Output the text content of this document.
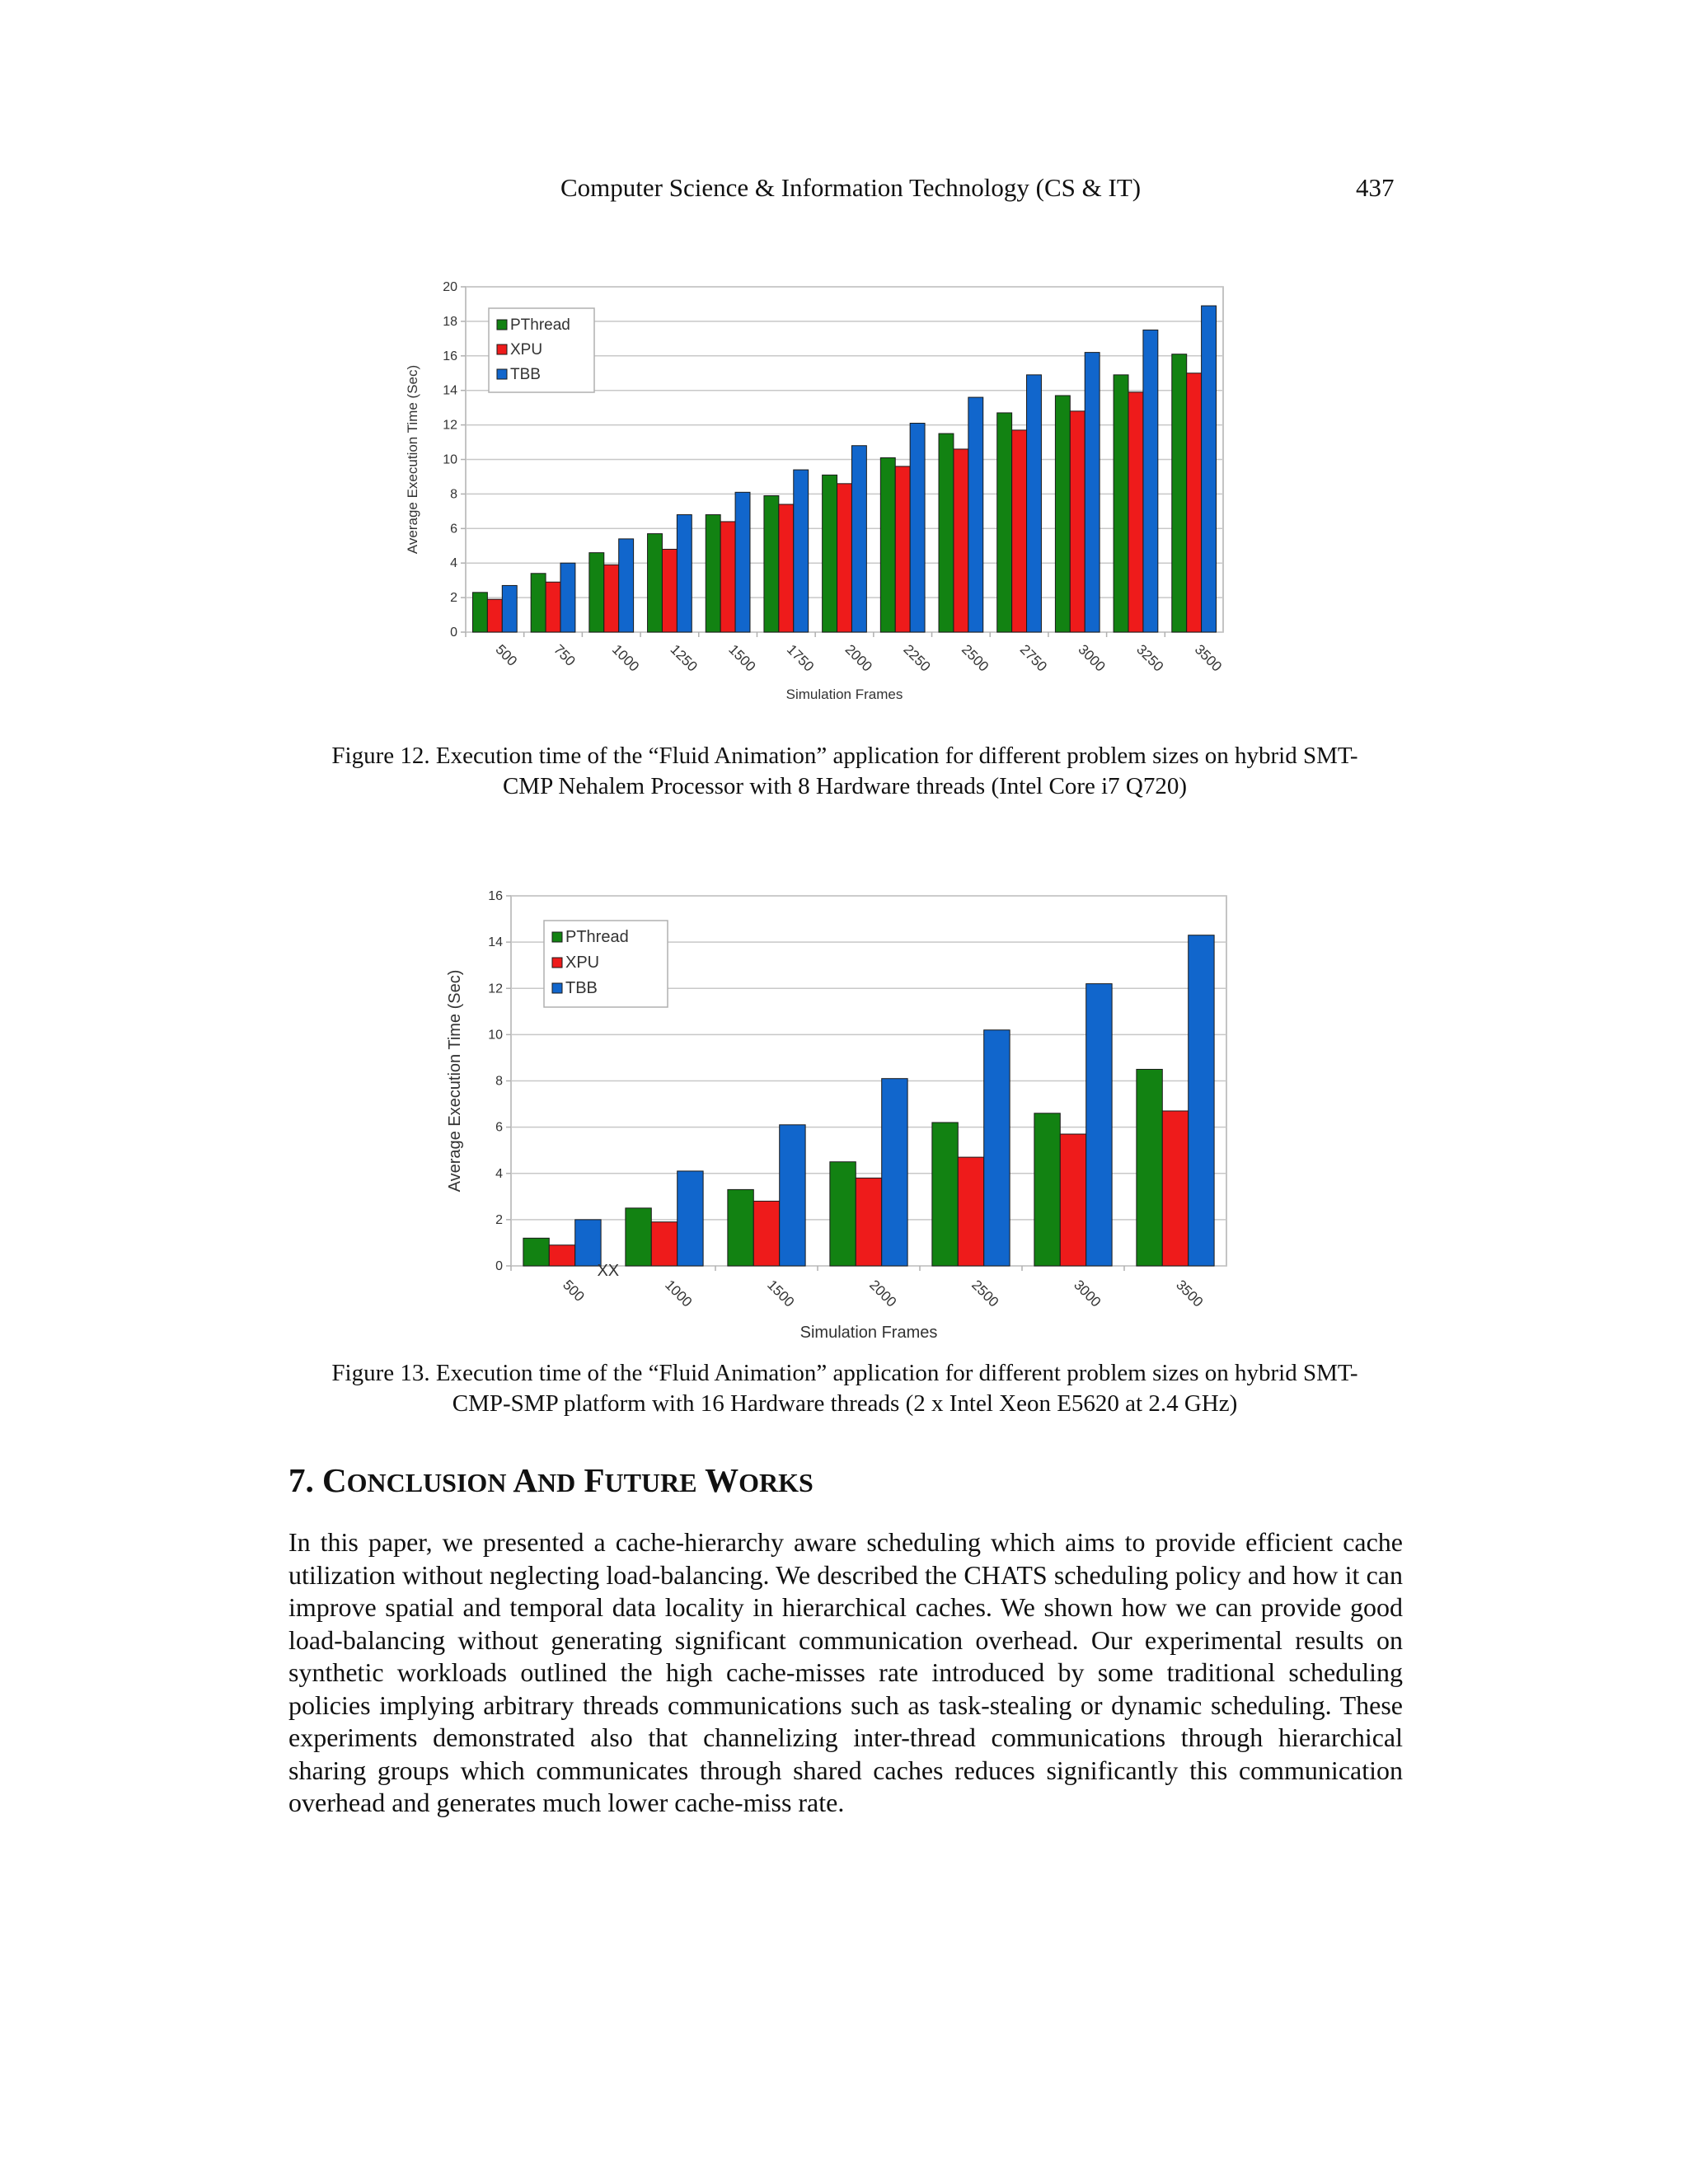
Computer Science & Information Technology (CS & IT)	437
0
2
4
6
8
10
12
14
16
18
20
500 750 1000 1250 1500 1750 2000 2250 2500 2750 3000 3250 3500
Simulation Frames
Average Execution Time (Sec)
PThread
XPU
TBB
Figure 12. Execution time of the “Fluid Animation” application for different problem sizes on hybrid SMT-
CMP Nehalem Processor with 8 Hardware threads (Intel Core i7 Q720)
0
2
4
6
8
10
12
14
16
500	1000	1500	2000	2500	3000	3500
XX
Simulation Frames
Average Execution Time (Sec)
PThread
XPU
TBB
Figure 13. Execution time of the “Fluid Animation” application for different problem sizes on hybrid SMT-
CMP-SMP platform with 16 Hardware threads (2 x Intel Xeon E5620 at 2.4 GHz)
7. CONCLUSION AND FUTURE WORKS
In this paper, we presented a cache-hierarchy aware scheduling which aims to provide efficient cache utilization without neglecting load-balancing. We described the CHATS scheduling policy and how it can improve spatial and temporal data locality in hierarchical caches. We shown how we can provide good load-balancing without generating significant communication overhead. Our experimental results on synthetic workloads outlined the high cache-misses rate introduced by some traditional scheduling policies implying arbitrary threads communications such as task-stealing or dynamic scheduling. These experiments demonstrated also that channelizing inter-thread communications through hierarchical sharing groups which communicates through shared caches reduces significantly this communication overhead and generates much lower cache-miss rate.
